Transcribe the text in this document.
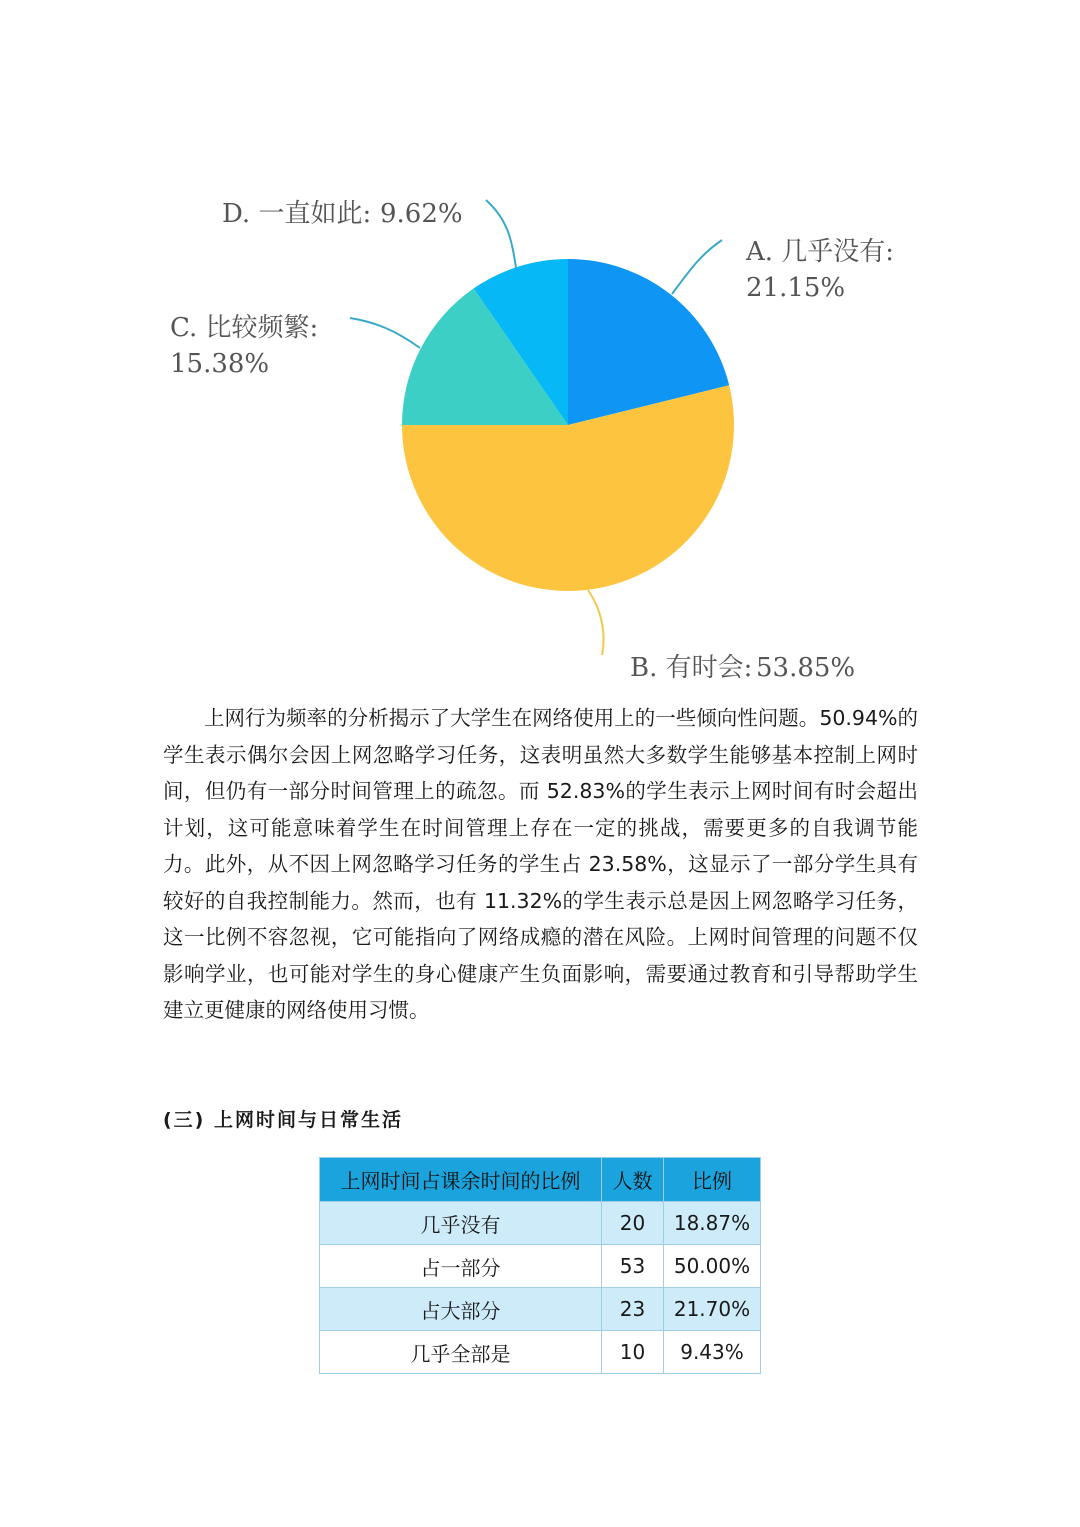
A. 几乎没有:
21.15%
B. 有时会: 53.85%
C. 比较频繁:
15.38%
D. 一直如此: 9.62%

上网行为频率的分析揭示了大学生在网络使用上的一些倾向性问题。50.94%的学生表示偶尔会因上网忽略学习任务，这表明虽然大多数学生能够基本控制上网时间，但仍有一部分时间管理上的疏忽。而 52.83%的学生表示上网时间有时会超出计划，这可能意味着学生在时间管理上存在一定的挑战，需要更多的自我调节能力。此外，从不因上网忽略学习任务的学生占 23.58%，这显示了一部分学生具有较好的自我控制能力。然而，也有 11.32%的学生表示总是因上网忽略学习任务，这一比例不容忽视，它可能指向了网络成瘾的潜在风险。上网时间管理的问题不仅影响学业，也可能对学生的身心健康产生负面影响，需要通过教育和引导帮助学生建立更健康的网络使用习惯。

(三) 上网时间与日常生活
上网时间占课余时间的比例	人数	比例
几乎没有	20	18.87%
占一部分	53	50.00%
占大部分	23	21.70%
几乎全部是	10	9.43%
